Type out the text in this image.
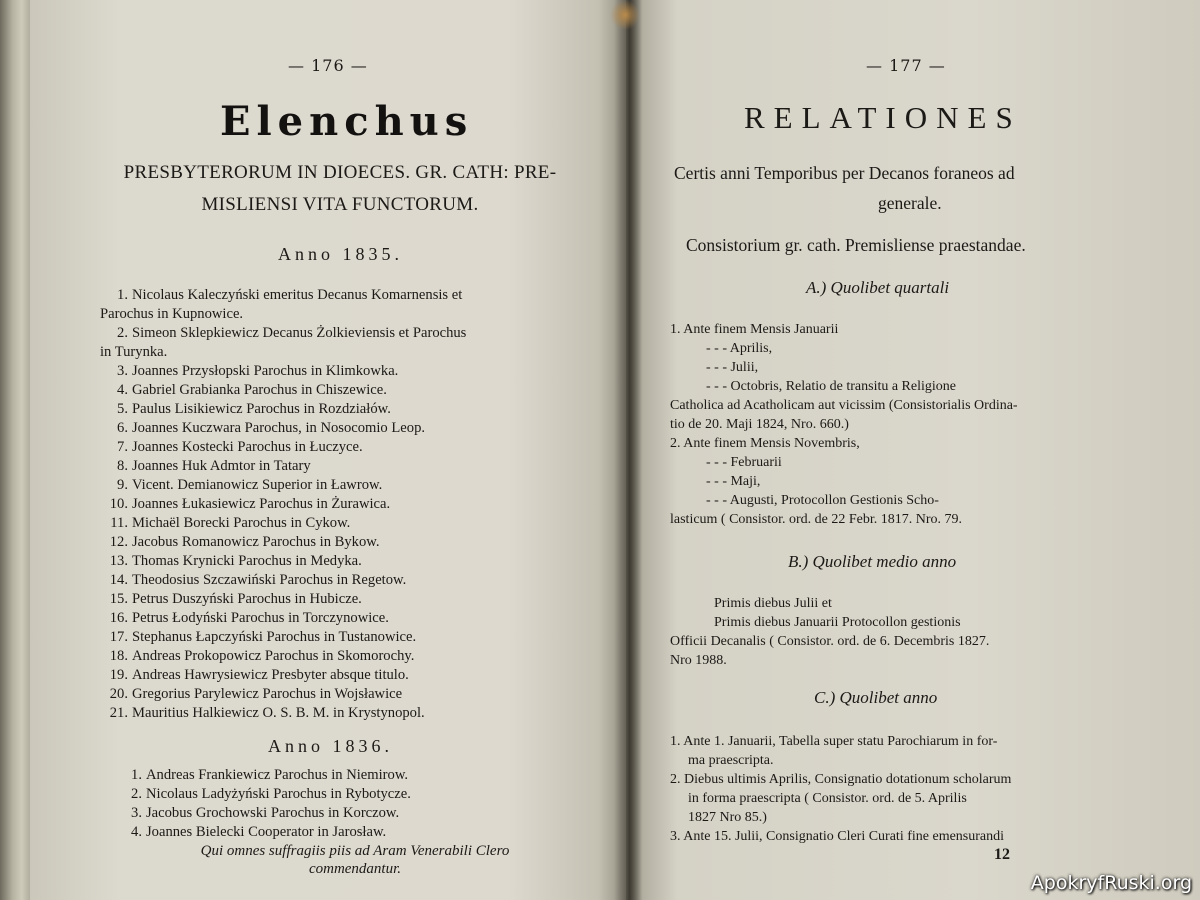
— 176 —
Elenchus
PRESBYTERORUM IN DIOECES. GR. CATH: PRE-
MISLIENSI VITA FUNCTORUM.
Anno 1835.
1. Nicolaus Kaleczyński emeritus Decanus Komarnensis et
Parochus in Kupnowice.
2. Simeon Sklepkiewicz Decanus Żolkieviensis et Parochus
in Turynka.
3. Joannes Przysłopski Parochus in Klimkowka.
4. Gabriel Grabianka Parochus in Chiszewice.
5. Paulus Lisikiewicz Parochus in Rozdziałów.
6. Joannes Kuczwara Parochus, in Nosocomio Leop.
7. Joannes Kostecki Parochus in Łuczyce.
8. Joannes Huk Admtor in Tatary
9. Vicent. Demianowicz Superior in Ławrow.
10. Joannes Łukasiewicz Parochus in Żurawica.
11. Michaël Borecki Parochus in Cykow.
12. Jacobus Romanowicz Parochus in Bykow.
13. Thomas Krynicki Parochus in Medyka.
14. Theodosius Szczawiński Parochus in Regetow.
15. Petrus Duszyński Parochus in Hubicze.
16. Petrus Łodyński Parochus in Torczynowice.
17. Stephanus Łapczyński Parochus in Tustanowice.
18. Andreas Prokopowicz Parochus in Skomorochy.
19. Andreas Hawrysiewicz Presbyter absque titulo.
20. Gregorius Parylewicz Parochus in Wojsławice
21. Mauritius Halkiewicz O. S. B. M. in Krystynopol.
Anno 1836.
1. Andreas Frankiewicz Parochus in Niemirow.
2. Nicolaus Ladyżyński Parochus in Rybotycze.
3. Jacobus Grochowski Parochus in Korczow.
4. Joannes Bielecki Cooperator in Jarosław.
Qui omnes suffragiis piis ad Aram Venerabili Clero
commendantur.
— 177 —
RELATIONES
Certis anni Temporibus per Decanos foraneos ad
generale.
Consistorium gr. cath. Premisliense praestandae.
A.) Quolibet quartali
1. Ante finem Mensis Januarii
- - - Aprilis,
- - - Julii,
- - - Octobris, Relatio de transitu a Religione
Catholica ad Acatholicam aut vicissim (Consistorialis Ordina-
tio de 20. Maji 1824, Nro. 660.)
2. Ante finem Mensis Novembris,
- - - Februarii
- - - Maji,
- - - Augusti, Protocollon Gestionis Scho-
lasticum ( Consistor. ord. de 22 Febr. 1817. Nro. 79.
B.) Quolibet medio anno
Primis diebus Julii et
Primis diebus Januarii Protocollon gestionis
Officii Decanalis ( Consistor. ord. de 6. Decembris 1827.
Nro 1988.
C.) Quolibet anno
1. Ante 1. Januarii, Tabella super statu Parochiarum in for-
ma praescripta.
2. Diebus ultimis Aprilis, Consignatio dotationum scholarum
in forma praescripta ( Consistor. ord. de 5. Aprilis
1827 Nro 85.)
3. Ante 15. Julii, Consignatio Cleri Curati fine emensurandi
12
ApokryfRuski.org
